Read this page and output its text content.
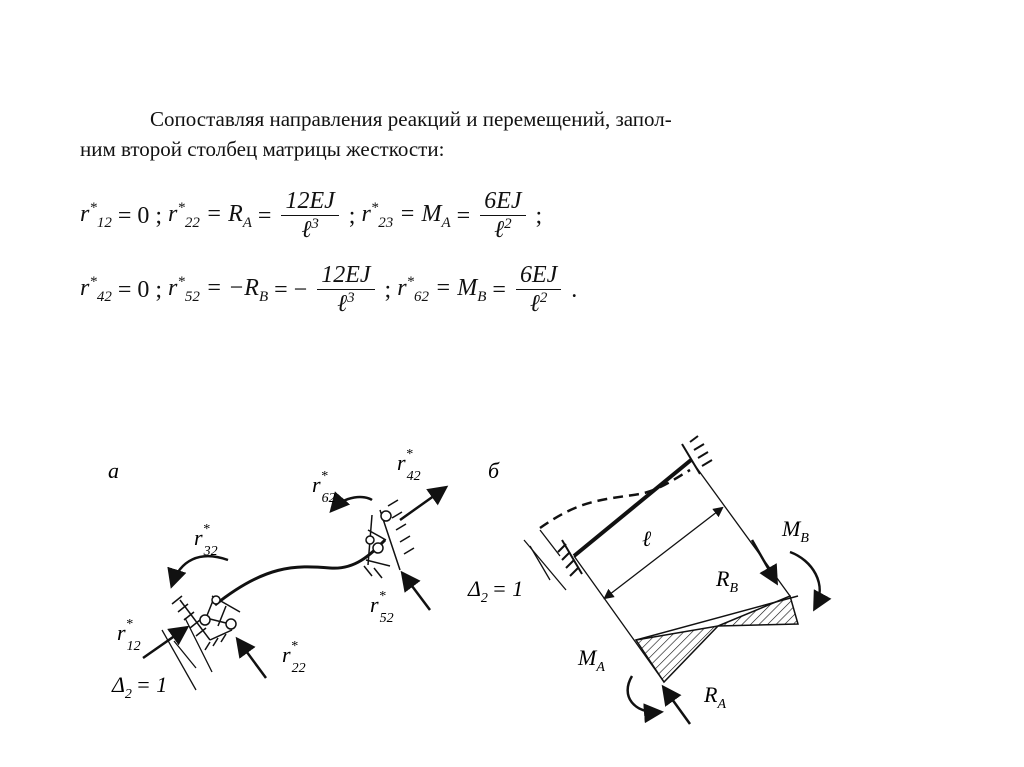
Сопоставляя направления реакций и перемещений, запол-
ним второй столбец матрицы жесткости:
$r^*_{12} = 0$ ; $r^*_{22} = R_A = \frac{12EJ}{\ell^3}$ ; $r^*_{23} = M_A = \frac{6EJ}{\ell^2}$ ;
$r^*_{42} = 0$ ; $r^*_{52} = -R_B$ = − $\frac{12EJ}{\ell^3}$ ; $r^*_{62} = M_B = \frac{6EJ}{\ell^2}$ .
а
r* 12	r* 22
r* 32
r* 42
r* 52
r* 62
$\Delta_2 = 1$
б
ℓ	$M_B$
$R_B$
$M_A$
$R_A$
$\Delta_2 = 1$
